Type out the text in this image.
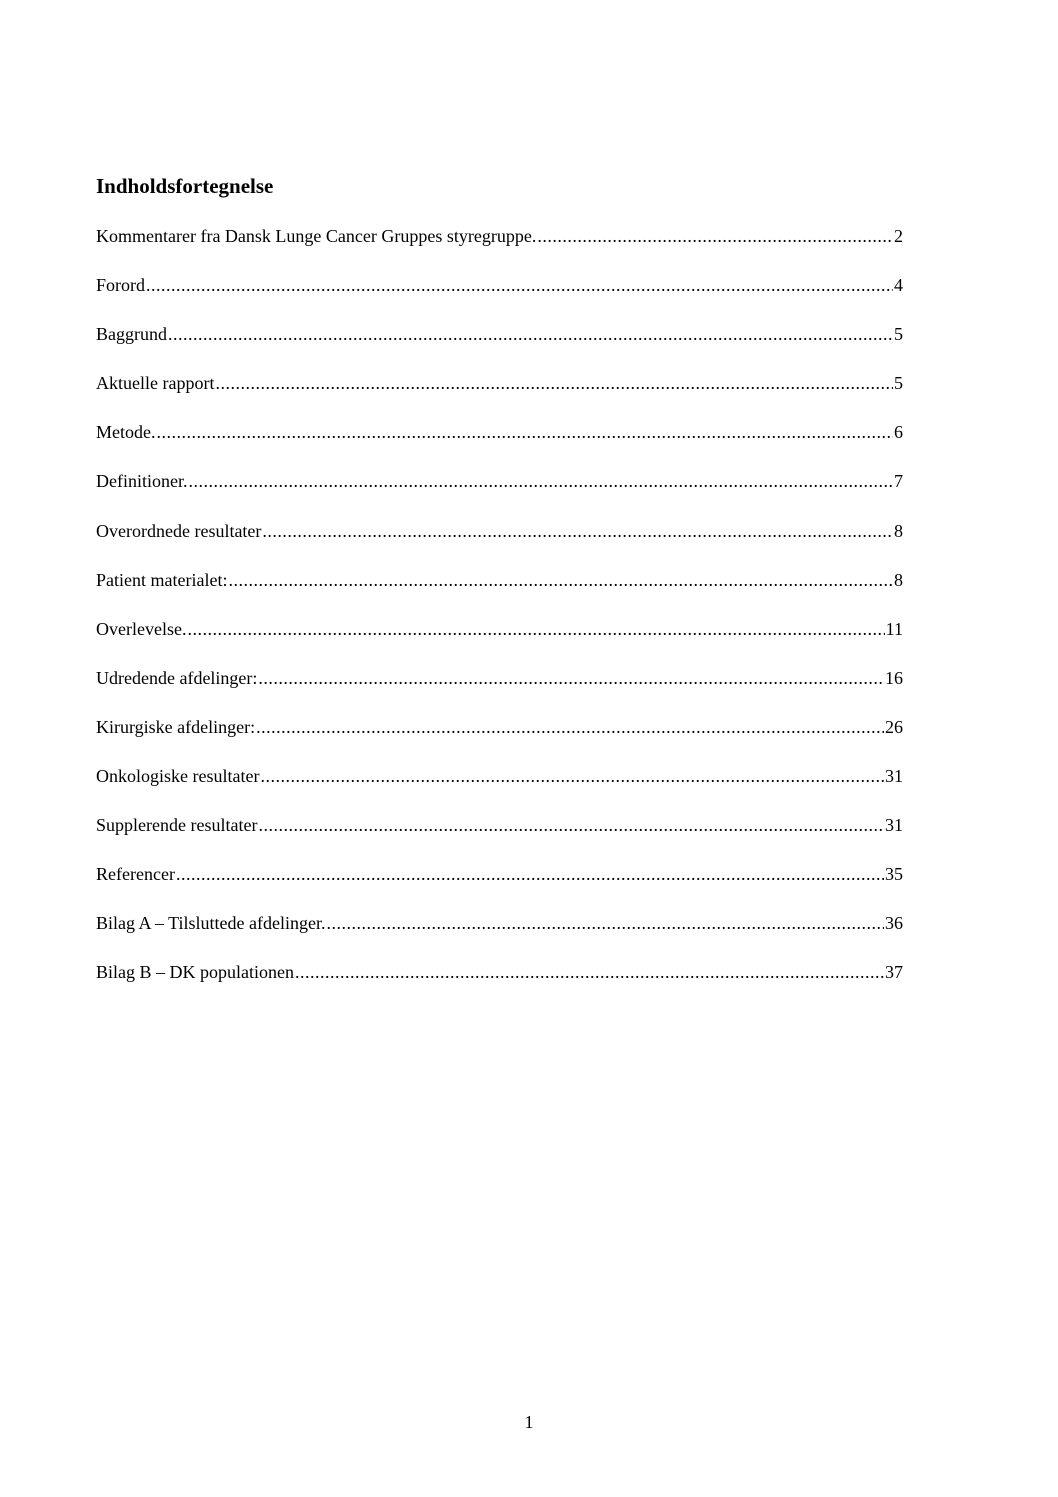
Indholdsfortegnelse
Kommentarer fra Dansk Lunge Cancer Gruppes styregruppe. .....	2
Forord .....	4
Baggrund .....	5
Aktuelle rapport .....	5
Metode. .....	6
Definitioner. .....	7
Overordnede resultater .....	8
Patient materialet: .....	8
Overlevelse. .....	11
Udredende afdelinger: .....	16
Kirurgiske afdelinger: .....	26
Onkologiske resultater .....	31
Supplerende resultater .....	31
Referencer .....	35
Bilag A – Tilsluttede afdelinger. .....	36
Bilag B – DK populationen .....	37
1
